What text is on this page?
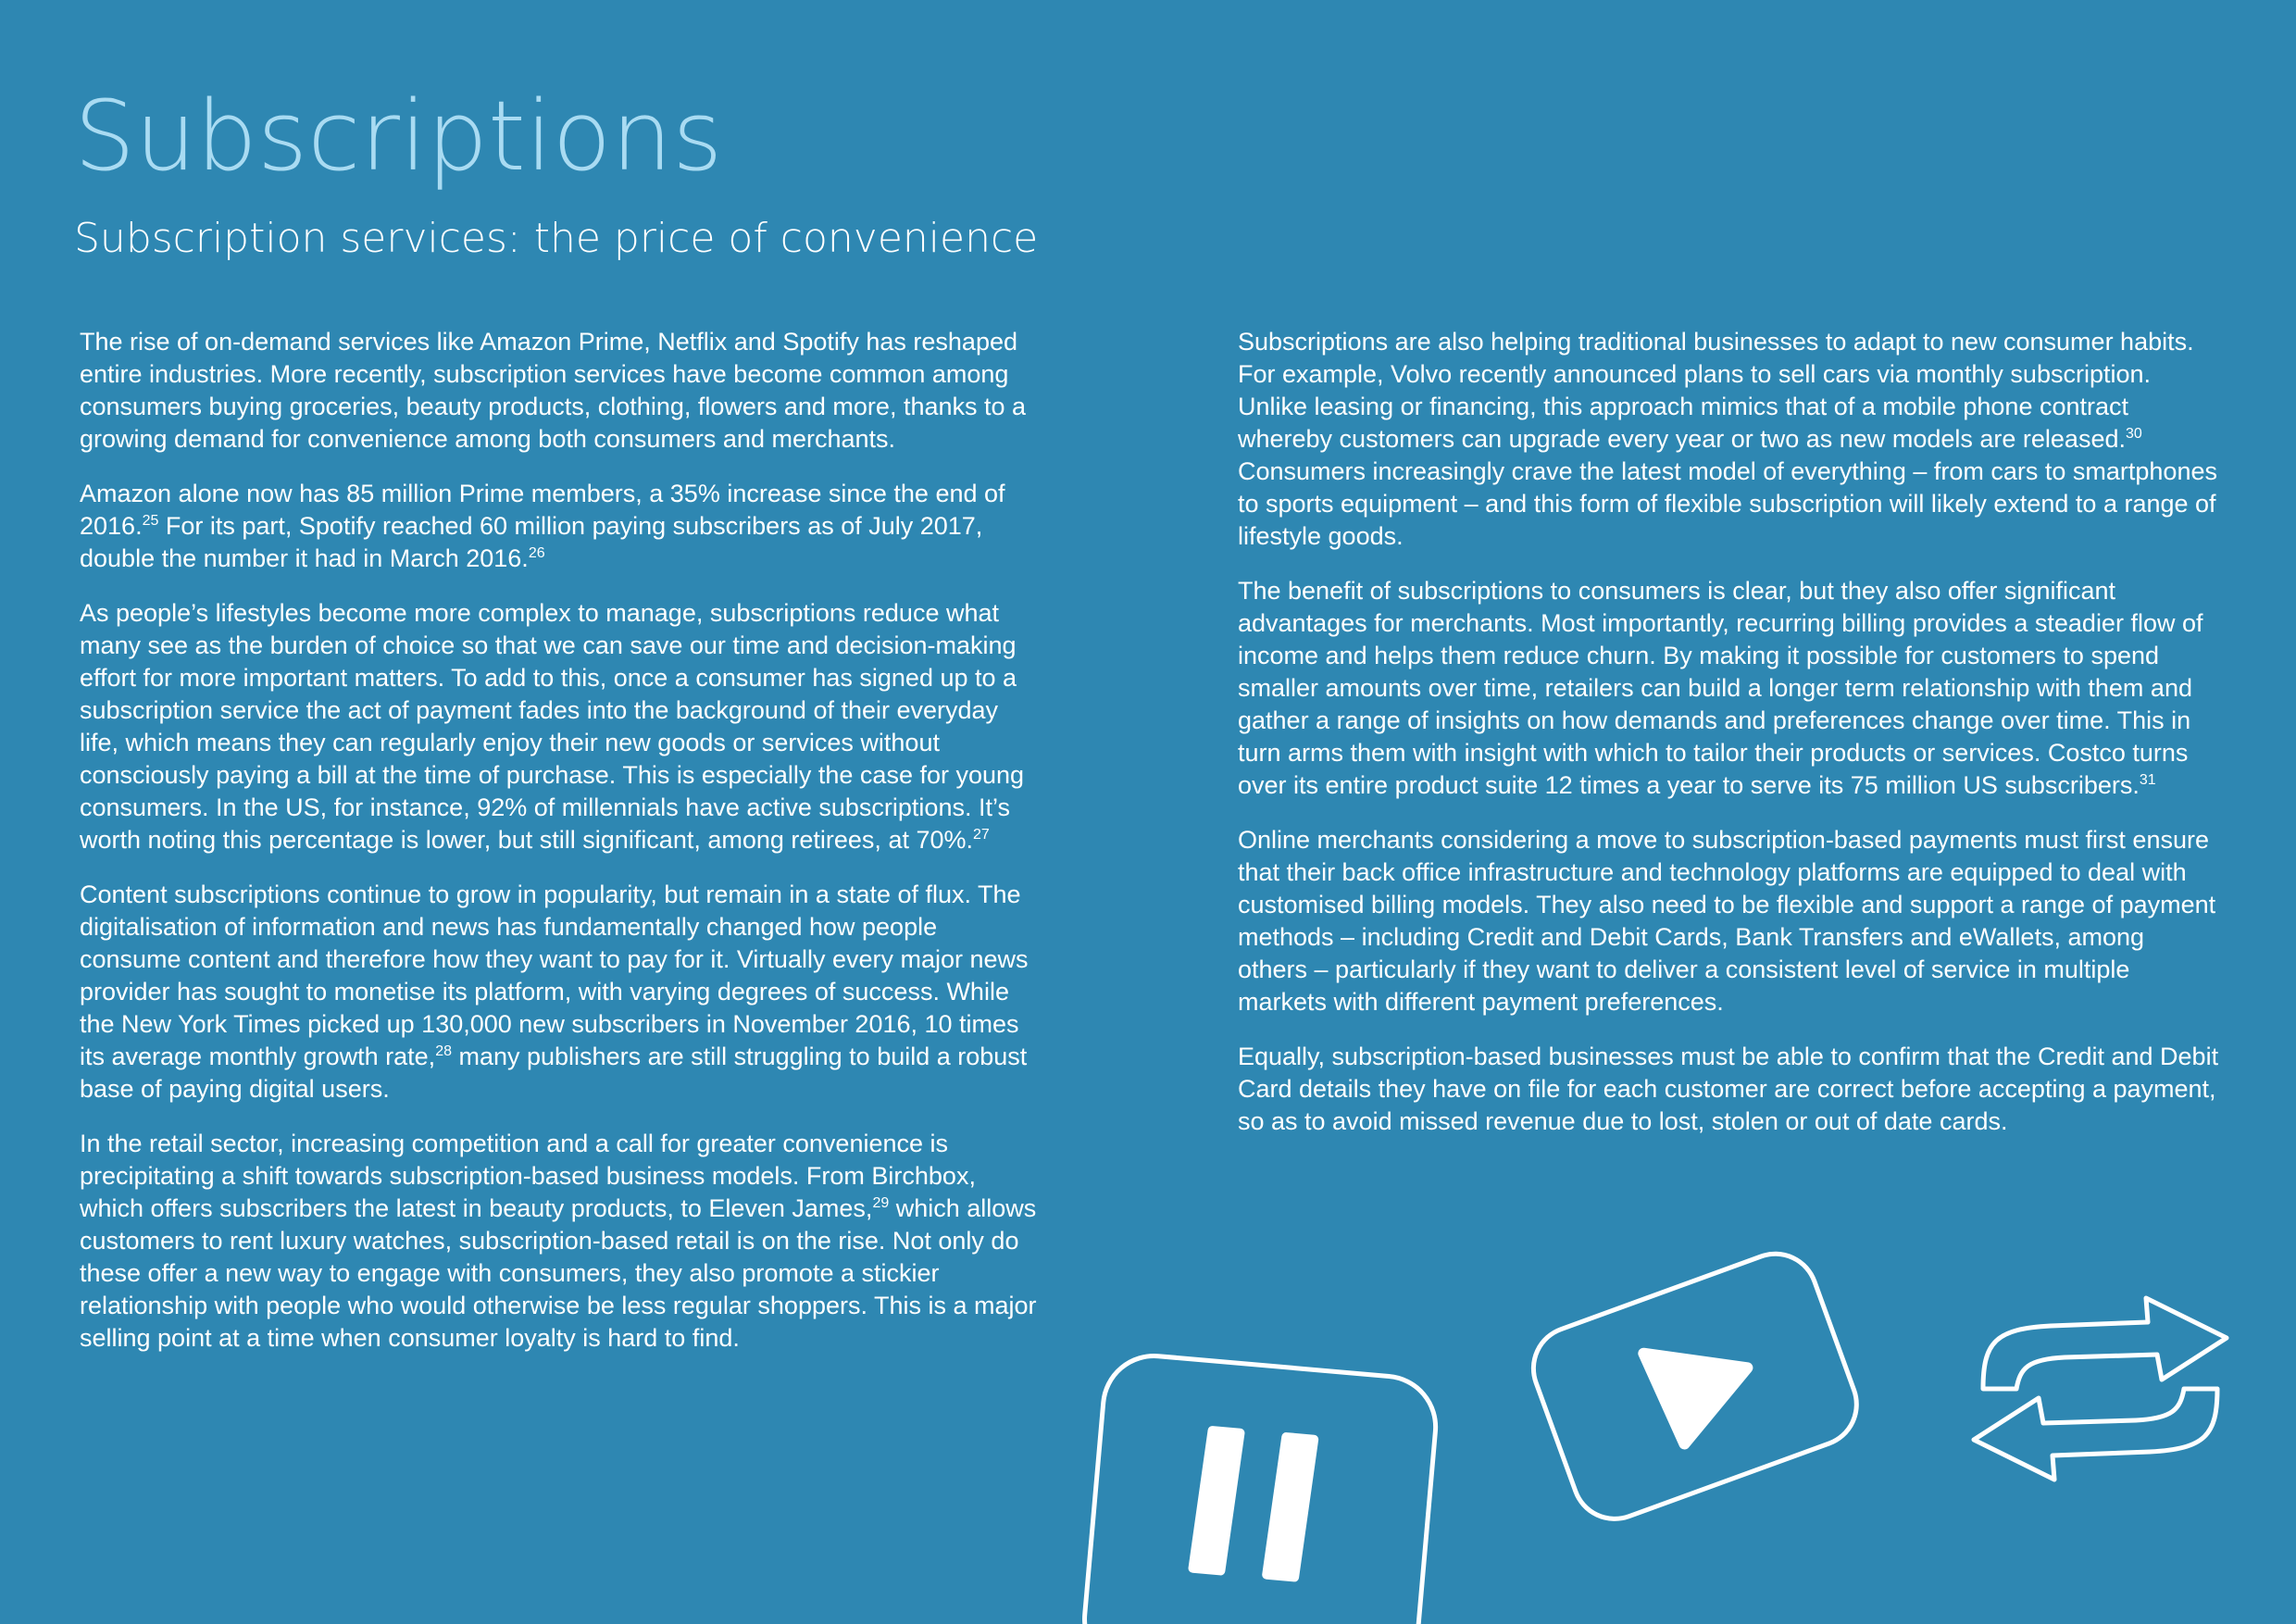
Subscriptions
Subscription services: the price of convenience

The rise of on-demand services like Amazon Prime, Netflix and Spotify has reshaped entire industries. More recently, subscription services have become common among consumers buying groceries, beauty products, clothing, flowers and more, thanks to a growing demand for convenience among both consumers and merchants.

Amazon alone now has 85 million Prime members, a 35% increase since the end of 2016.25 For its part, Spotify reached 60 million paying subscribers as of July 2017, double the number it had in March 2016.26

As people’s lifestyles become more complex to manage, subscriptions reduce what many see as the burden of choice so that we can save our time and decision-making effort for more important matters. To add to this, once a consumer has signed up to a subscription service the act of payment fades into the background of their everyday life, which means they can regularly enjoy their new goods or services without consciously paying a bill at the time of purchase. This is especially the case for young consumers. In the US, for instance, 92% of millennials have active subscriptions. It’s worth noting this percentage is lower, but still significant, among retirees, at 70%.$^{27}$

Content subscriptions continue to grow in popularity, but remain in a state of flux. The digitalisation of information and news has fundamentally changed how people consume content and therefore how they want to pay for it. Virtually every major news provider has sought to monetise its platform, with varying degrees of success. While the New York Times picked up 130,000 new subscribers in November 2016, 10 times its average monthly growth rate,$^{28}$ many publishers are still struggling to build a robust base of paying digital users.

In the retail sector, increasing competition and a call for greater convenience is precipitating a shift towards subscription-based business models. From Birchbox, which offers subscribers the latest in beauty products, to Eleven James,$^{29}$ which allows customers to rent luxury watches, subscription-based retail is on the rise. Not only do these offer a new way to engage with consumers, they also promote a stickier relationship with people who would otherwise be less regular shoppers. This is a major selling point at a time when consumer loyalty is hard to find.

Subscriptions are also helping traditional businesses to adapt to new consumer habits. For example, Volvo recently announced plans to sell cars via monthly subscription. Unlike leasing or financing, this approach mimics that of a mobile phone contract whereby customers can upgrade every year or two as new models are released.$^{30}$ Consumers increasingly crave the latest model of everything – from cars to smartphones to sports equipment – and this form of flexible subscription will likely extend to a range of lifestyle goods.

The benefit of subscriptions to consumers is clear, but they also offer significant advantages for merchants. Most importantly, recurring billing provides a steadier flow of income and helps them reduce churn. By making it possible for customers to spend smaller amounts over time, retailers can build a longer term relationship with them and gather a range of insights on how demands and preferences change over time. This in turn arms them with insight with which to tailor their products or services. Costco turns over its entire product suite 12 times a year to serve its 75 million US subscribers.$^{31}$

Online merchants considering a move to subscription-based payments must first ensure that their back office infrastructure and technology platforms are equipped to deal with customised billing models. They also need to be flexible and support a range of payment methods – including Credit and Debit Cards, Bank Transfers and eWallets, among others – particularly if they want to deliver a consistent level of service in multiple markets with different payment preferences.

Equally, subscription-based businesses must be able to confirm that the Credit and Debit Card details they have on file for each customer are correct before accepting a payment, so as to avoid missed revenue due to lost, stolen or out of date cards.
